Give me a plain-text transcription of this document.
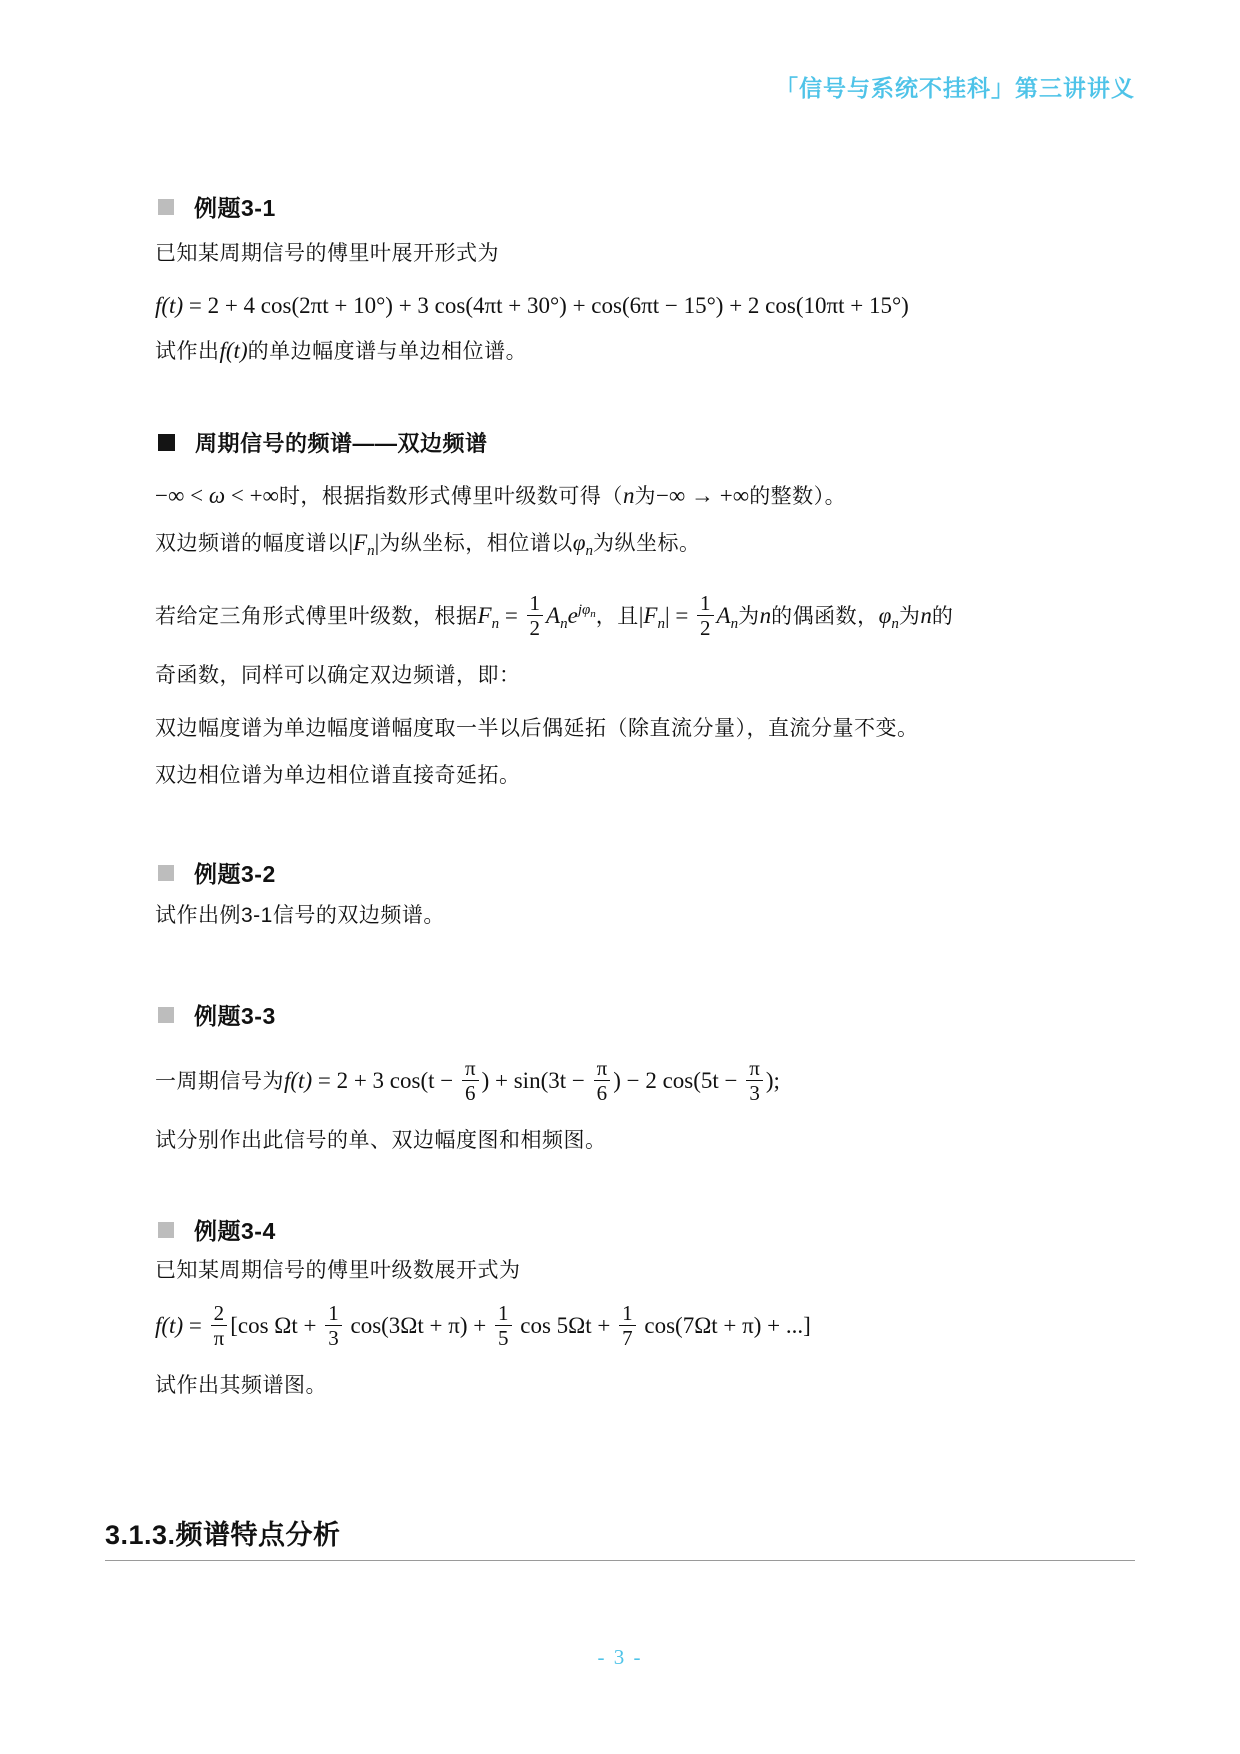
「信号与系统不挂科」第三讲讲义
例题3-1
已知某周期信号的傅里叶展开形式为
f(t) = 2 + 4 cos(2πt + 10°) + 3 cos(4πt + 30°) + cos(6πt − 15°) + 2 cos(10πt + 15°)
试作出f(t)的单边幅度谱与单边相位谱。
周期信号的频谱——双边频谱
−∞ < ω < +∞时，根据指数形式傅里叶级数可得（n为−∞ → +∞的整数）。
双边频谱的幅度谱以$|F_n|$为纵坐标，相位谱以$\varphi_n$为纵坐标。
若给定三角形式傅里叶级数，根据$F_n = \frac{1}{2} A_ne^{j\varphi n}$，且$|F_n| = \frac{1}{2} A_n$为n的偶函数，$\varphi_n$为n的
奇函数，同样可以确定双边频谱，即：
双边幅度谱为单边幅度谱幅度取一半以后偶延拓（除直流分量），直流分量不变。
双边相位谱为单边相位谱直接奇延拓。
例题3-2
试作出例3-1信号的双边频谱。
例题3-3
一周期信号为f(t) = 2 + 3 $\cos(t - \frac{\pi}{6}$ ) + $\sin(3t - \frac{\pi}{6}$ ) − 2 $\cos(5t - \frac{\pi}{3}$ );
试分别作出此信号的单、双边幅度图和相频图。
例题3-4
已知某周期信号的傅里叶级数展开式为
$f(t) = \frac{2}{\pi} [\cos$ $\Omega t + \frac{1}{3} \cos(3\Omega t + \pi) + \frac{1}{5}$ $\cos 5\Omega t + \frac{1}{7} \cos(7\Omega t + \pi)$ + ...]
试作出其频谱图。
3.1.3.频谱特点分析
- 3 -
